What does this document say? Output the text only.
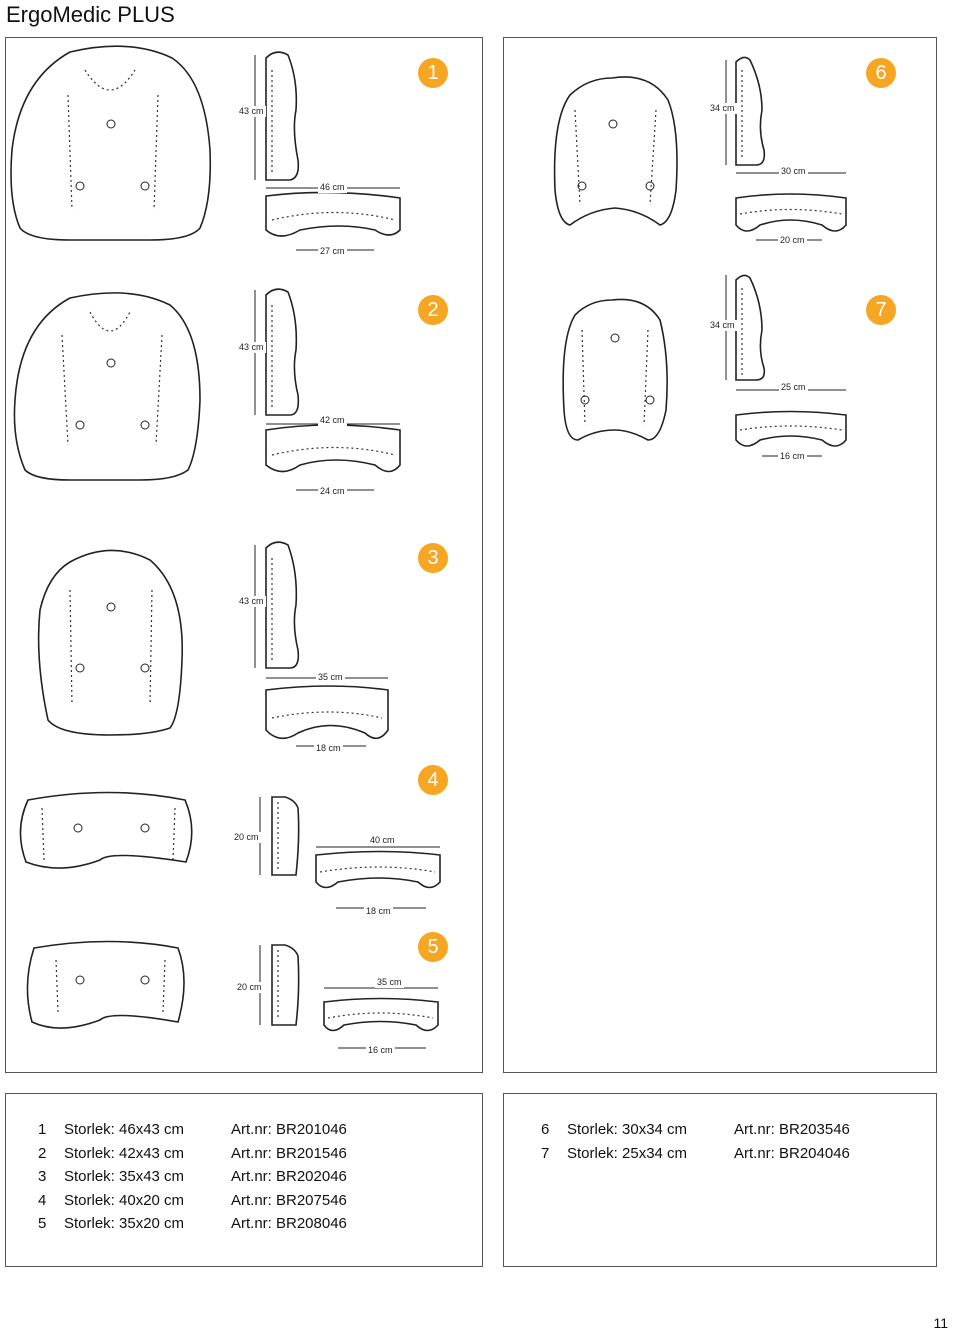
ErgoMedic PLUS
1
43 cm
46 cm
27 cm
2
43 cm
42 cm
24 cm
3
43 cm
35 cm
18 cm
4
20 cm	40 cm
18 cm
5
20 cm	35 cm
16 cm
6
34 cm
30 cm
20 cm
7
34 cm
25 cm
16 cm
1	Storlek: 46x43 cm	Art.nr: BR201046
2	Storlek: 42x43 cm	Art.nr: BR201546
3	Storlek: 35x43 cm	Art.nr: BR202046
4	Storlek: 40x20 cm	Art.nr: BR207546
5	Storlek: 35x20 cm	Art.nr: BR208046
6	Storlek: 30x34 cm	Art.nr: BR203546
7	Storlek: 25x34 cm	Art.nr: BR204046
11
